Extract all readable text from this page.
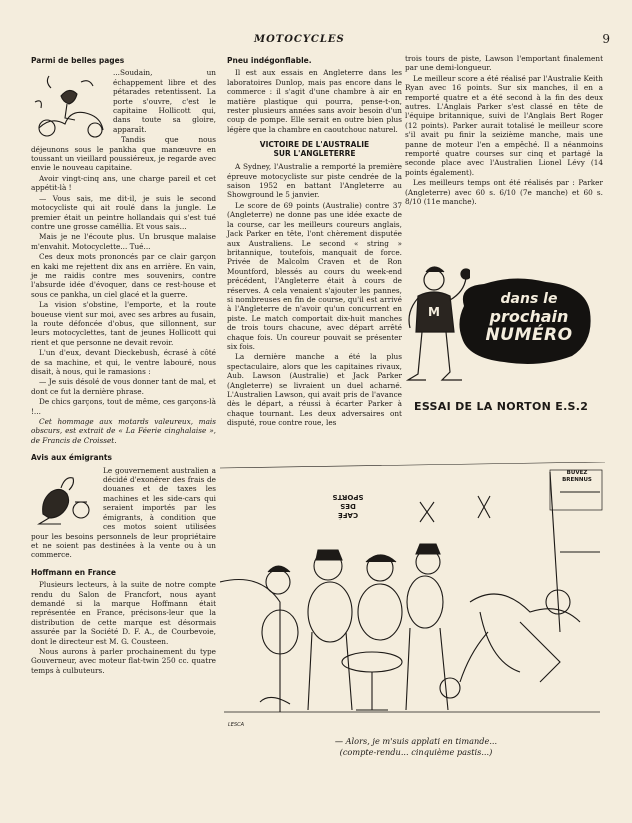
MOTOCYCLES	9
Parmi de belles pages

...Soudain, un échappement libre et des pétarades retentissent. La porte s'ouvre, c'est le capitaine Hollicott qui, dans toute sa gloire, apparaît.

Tandis que nous déjeunons sous le pankha que manœuvre en toussant un vieillard poussiéreux, je regarde avec envie le nouveau capitaine.

Avoir vingt-cinq ans, une charge pareil et cet appétit-là !

— Vous sais, me dit-il, je suis le second motocycliste qui ait roulé dans la jungle. Le premier était un peintre hollandais qui s'est tué contre une grosse caméllia. Et vous sais...

Mais je ne l'écoute plus. Un brusque malaise m'envahit. Motocyclette... Tué...

Ces deux mots prononcés par ce clair garçon en kaki me rejettent dix ans en arrière. En vain, je me raidis contre mes souvenirs, contre l'absurde idée d'évoquer, dans ce rest-house et sous ce pankha, un ciel glacé et la guerre.

La vision s'obstine, l'emporte, et la route boueuse vient sur moi, avec ses arbres au fusain, la route défoncée d'obus, que sillonnent, sur leurs motocyclettes, tant de jeunes Hollicott qui rient et que personne ne devait revoir.

L'un d'eux, devant Dieckebush, écrasé à côté de sa machine, et qui, le ventre labouré, nous disait, à nous, qui le ramasions :

— Je suis désolé de vous donner tant de mal, et dont ce fut la dernière phrase.

De chics garçons, tout de même, ces garçons-là !...

Cet hommage aux motards valeureux, mais obscurs, est extrait de « La Féerie cinghalaise », de Francis de Croisset.

Avis aux émigrants

Le gouvernement australien a décidé d'exonérer des frais de douanes et de taxes les machines et les side-cars qui seraient importés par les émigrants, à condition que ces motos soient utilisées pour les besoins personnels de leur propriétaire et ne soient pas destinées à la vente ou à un commerce.

Hoffmann en France

Plusieurs lecteurs, à la suite de notre compte rendu du Salon de Francfort, nous ayant demandé si la marque Hoffmann était représentée en France, précisons-leur que la distribution de cette marque est désormais assurée par la Société D. F. A., de Courbevoie, dont le directeur est M. G. Cousteen.

Nous aurons à parler prochainement du type Gouverneur, avec moteur flat-twin 250 cc. quatre temps à culbuteurs.

Pneu indégonflable.

Il est aux essais en Angleterre dans les laboratoires Dunlop, mais pas encore dans le commerce : il s'agit d'une chambre à air en matière plastique qui pourra, pense-t-on, rester plusieurs années sans avoir besoin d'un coup de pompe. Elle serait en outre bien plus légère que la chambre en caoutchouc naturel.

VICTOIRE DE L'AUSTRALIE
SUR L'ANGLETERRE

A Sydney, l'Australie a remporté la première épreuve motocycliste sur piste cendrée de la saison 1952 en battant l'Angleterre au Showground le 5 janvier.

Le score de 69 points (Australie) contre 37 (Angleterre) ne donne pas une idée exacte de la course, car les meilleurs coureurs anglais, Jack Parker en tête, l'ont chèrement disputée aux Australiens. Le second « string » britannique, toutefois, manquait de force. Privée de Malcolm Craven et de Ron Mountford, blessés au cours du week-end précédent, l'Angleterre était à cours de réserves. A cela venaient s'ajouter les pannes, si nombreuses en fin de course, qu'il est arrivé à l'Angleterre de n'avoir qu'un concurrent en piste. Le match comportait dix-huit manches de trois tours chacune, avec départ arrêté chaque fois. Un coureur pouvait se présenter six fois.

La dernière manche a été la plus spectaculaire, alors que les capitaines rivaux, Aub. Lawson (Australie) et Jack Parker (Angleterre) se livraient un duel acharné. L'Australien Lawson, qui avait pris de l'avance dès le départ, a réussi à écarter Parker à chaque tournant. Les deux adversaires ont disputé, roue contre roue, les

trois tours de piste, Lawson l'emportant finalement par une demi-longueur.

Le meilleur score a été réalisé par l'Australie Keith Ryan avec 16 points. Sur six manches, il en a remporté quatre et a été second à la fin des deux autres. L'Anglais Parker s'est classé en tête de l'équipe britannique, suivi de l'Anglais Bert Roger (12 points). Parker aurait totalisé le meilleur score s'il avait pu finir la seizième manche, mais une panne de moteur l'en a empêché. Il a néanmoins remporté quatre courses sur cinq et partagé la seconde place avec l'Australien Lionel Lévy (14 points également).

Les meilleurs temps ont été réalisés par : Parker (Angleterre) avec 60 s. 6/10 (7e manche) et 60 s. 8/10 (11e manche).

M
dans le
prochain
NUMÉRO
ESSAI DE LA NORTON E.S.2
CAFÉ
DES
SPORTS
BUVEZ
BRENNUS
LESCA
— Alors, je m'suis applati en timande...
(compte-rendu... cinquième pastis...)
